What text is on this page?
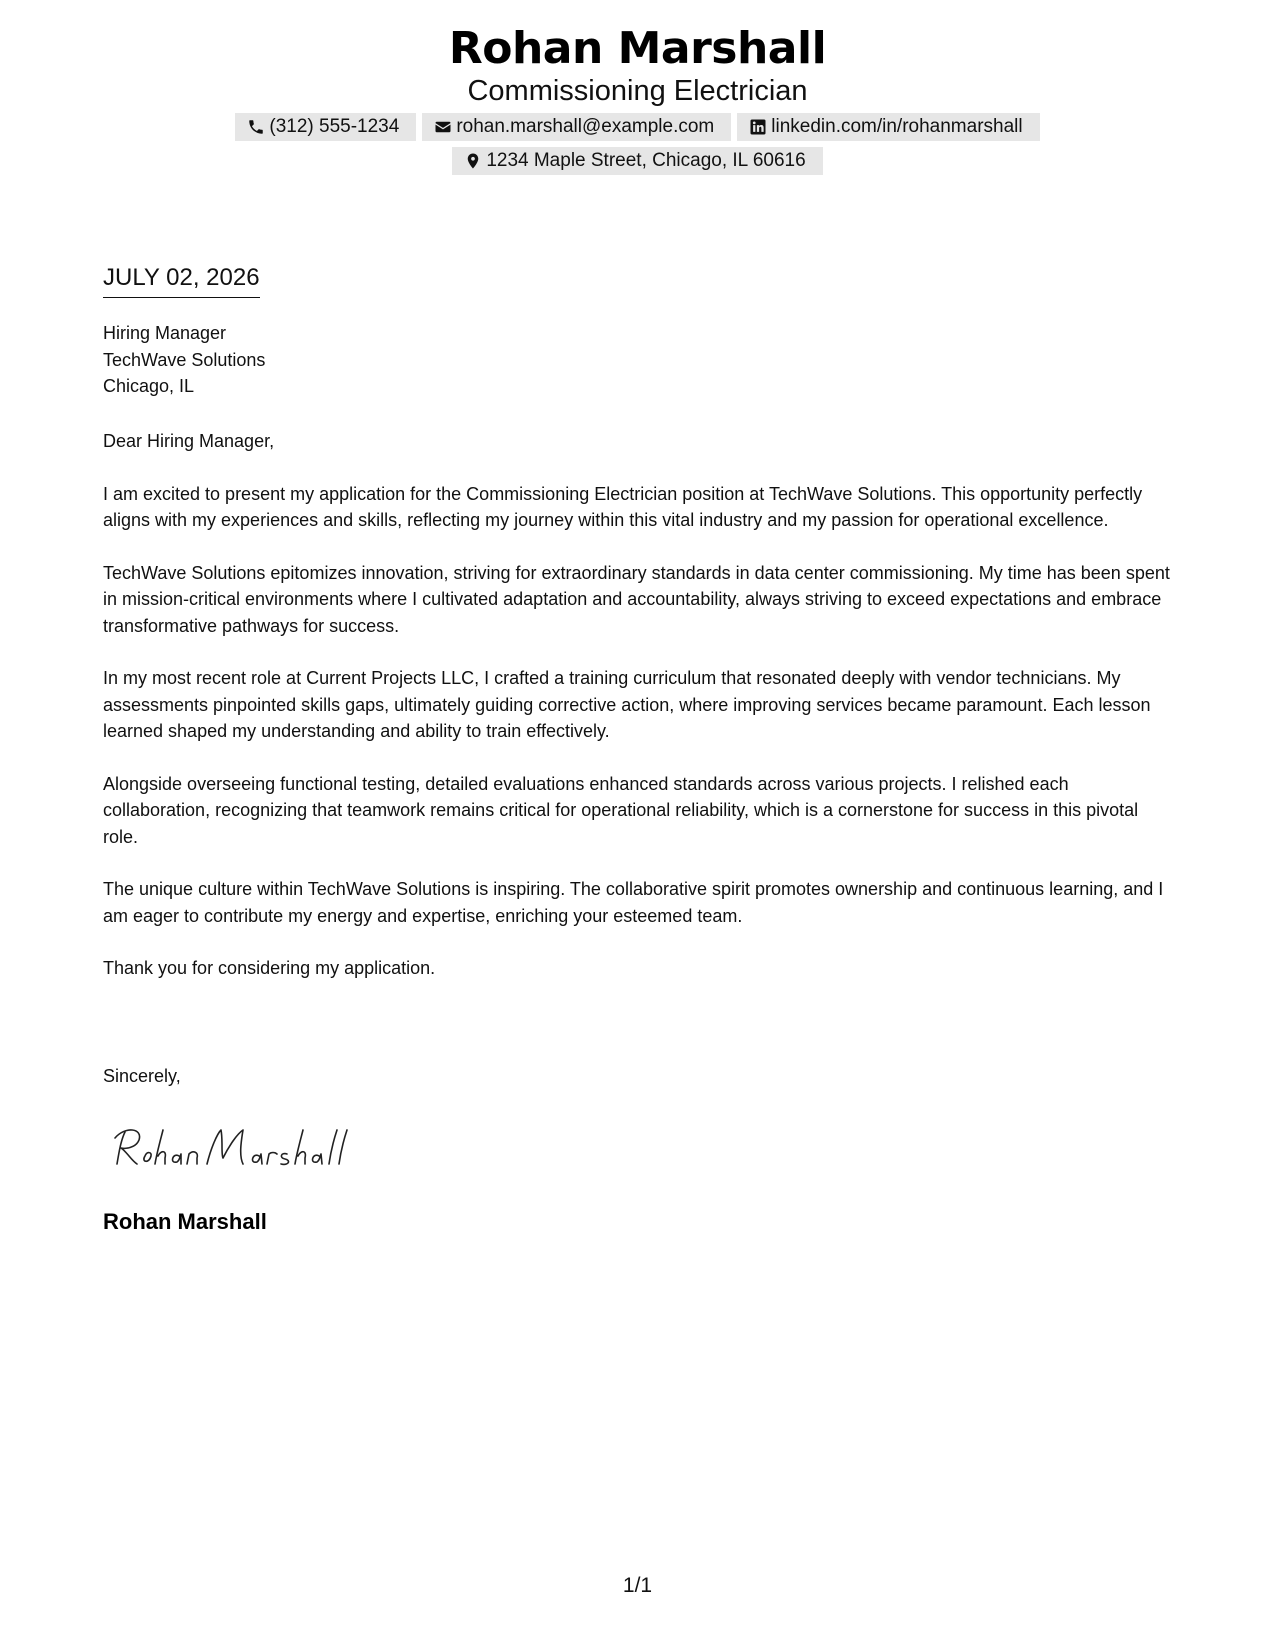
Rohan Marshall
Commissioning Electrician
(312) 555-1234	rohan.marshall@example.com	linkedin.com/in/rohanmarshall
1234 Maple Street, Chicago, IL 60616
JULY 02, 2026
Hiring Manager
TechWave Solutions
Chicago, IL

Dear Hiring Manager,

I am excited to present my application for the Commissioning Electrician position at TechWave Solutions. This opportunity perfectly aligns with my experiences and skills, reflecting my journey within this vital industry and my passion for operational excellence.

TechWave Solutions epitomizes innovation, striving for extraordinary standards in data center commissioning. My time has been spent in mission-critical environments where I cultivated adaptation and accountability, always striving to exceed expectations and embrace transformative pathways for success.

In my most recent role at Current Projects LLC, I crafted a training curriculum that resonated deeply with vendor technicians. My assessments pinpointed skills gaps, ultimately guiding corrective action, where improving services became paramount. Each lesson learned shaped my understanding and ability to train effectively.

Alongside overseeing functional testing, detailed evaluations enhanced standards across various projects. I relished each collaboration, recognizing that teamwork remains critical for operational reliability, which is a cornerstone for success in this pivotal role.

The unique culture within TechWave Solutions is inspiring. The collaborative spirit promotes ownership and continuous learning, and I am eager to contribute my energy and expertise, enriching your esteemed team.

Thank you for considering my application.

Sincerely,
Rohan Marshall
1/1
